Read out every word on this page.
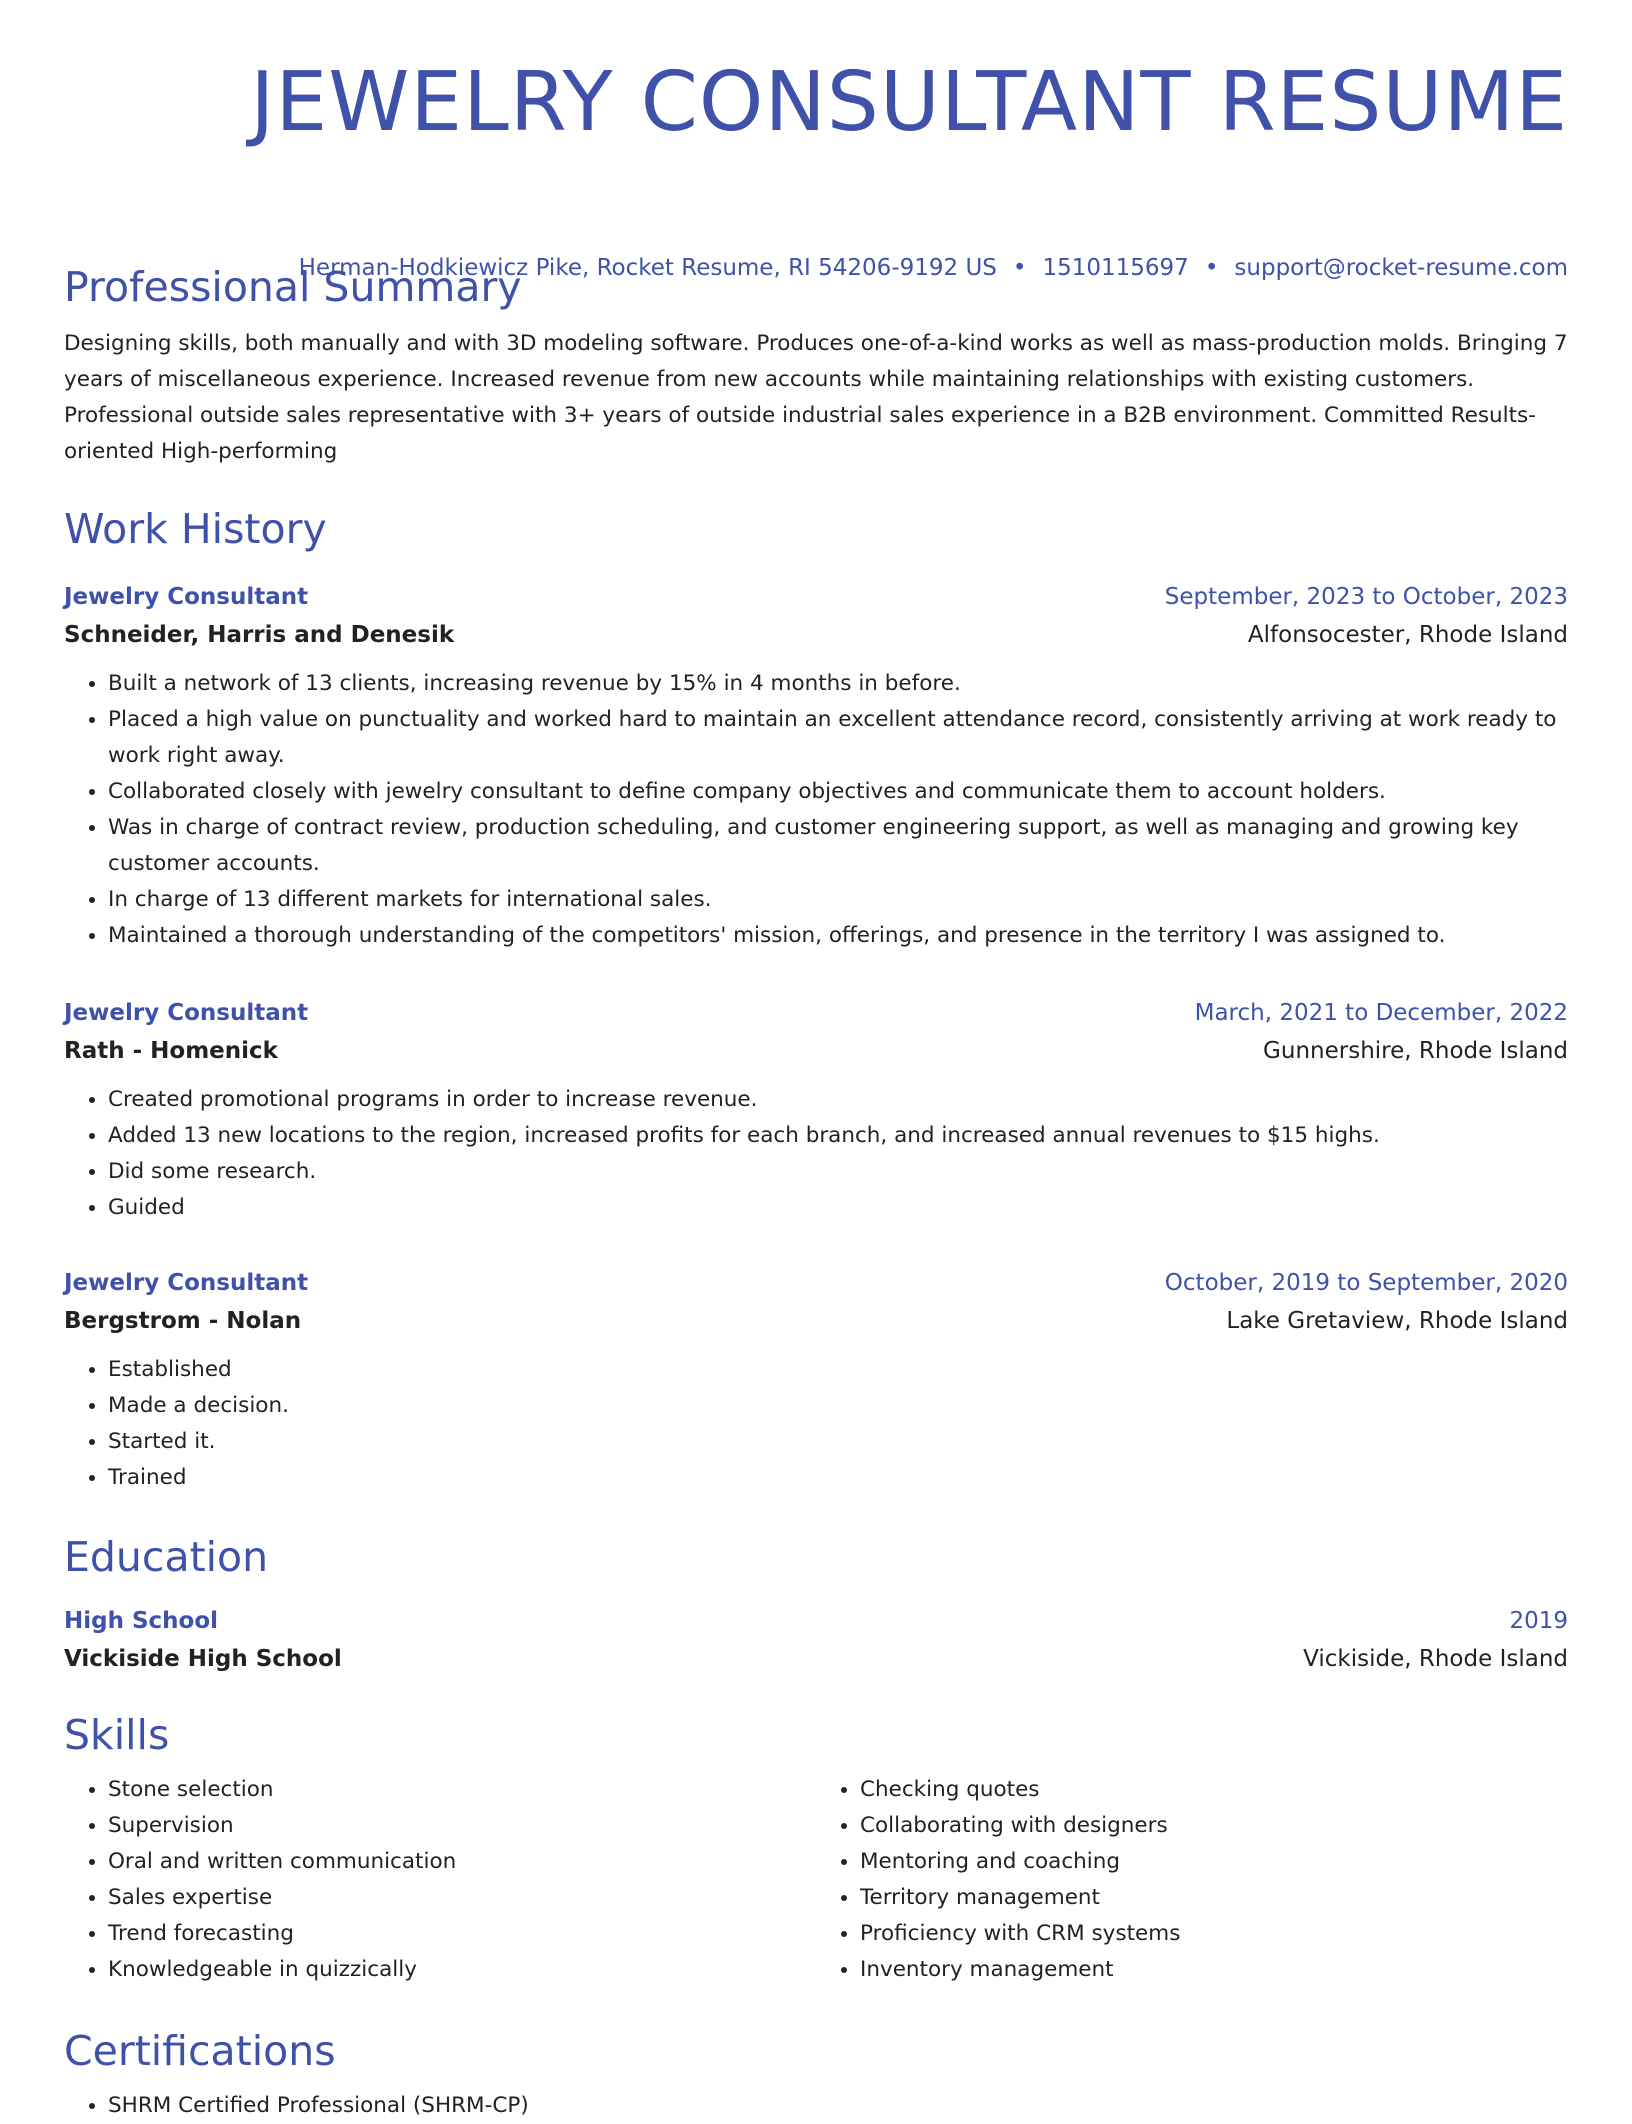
JEWELRY CONSULTANT RESUME
Herman-Hodkiewicz Pike, Rocket Resume, RI 54206-9192 US • 1510115697 • support@rocket-resume.com
Professional Summary

Designing skills, both manually and with 3D modeling software. Produces one-of-a-kind works as well as mass-production molds. Bringing 7 years of miscellaneous experience. Increased revenue from new accounts while maintaining relationships with existing customers. Professional outside sales representative with 3+ years of outside industrial sales experience in a B2B environment. Committed Results-oriented High-performing

Work History
Jewelry Consultant	September, 2023 to October, 2023
Schneider, Harris and Denesik	Alfonsocester, Rhode Island
• Built a network of 13 clients, increasing revenue by 15% in 4 months in before.
• Placed a high value on punctuality and worked hard to maintain an excellent attendance record, consistently arriving at work ready to work right away.
• Collaborated closely with jewelry consultant to define company objectives and communicate them to account holders.
• Was in charge of contract review, production scheduling, and customer engineering support, as well as managing and growing key customer accounts.
• In charge of 13 different markets for international sales.
• Maintained a thorough understanding of the competitors' mission, offerings, and presence in the territory I was assigned to.
Jewelry Consultant	March, 2021 to December, 2022
Rath - Homenick	Gunnershire, Rhode Island
• Created promotional programs in order to increase revenue.
• Added 13 new locations to the region, increased profits for each branch, and increased annual revenues to $15 highs.
• Did some research.
• Guided
Jewelry Consultant	October, 2019 to September, 2020
Bergstrom - Nolan	Lake Gretaview, Rhode Island
• Established
• Made a decision.
• Started it.
• Trained
Education
High School	2019
Vickiside High School	Vickiside, Rhode Island
Skills
• Stone selection
• Supervision
• Oral and written communication
• Sales expertise
• Trend forecasting
• Knowledgeable in quizzically
• Checking quotes
• Collaborating with designers
• Mentoring and coaching
• Territory management
• Proficiency with CRM systems
• Inventory management
Certifications
• SHRM Certified Professional (SHRM-CP)
